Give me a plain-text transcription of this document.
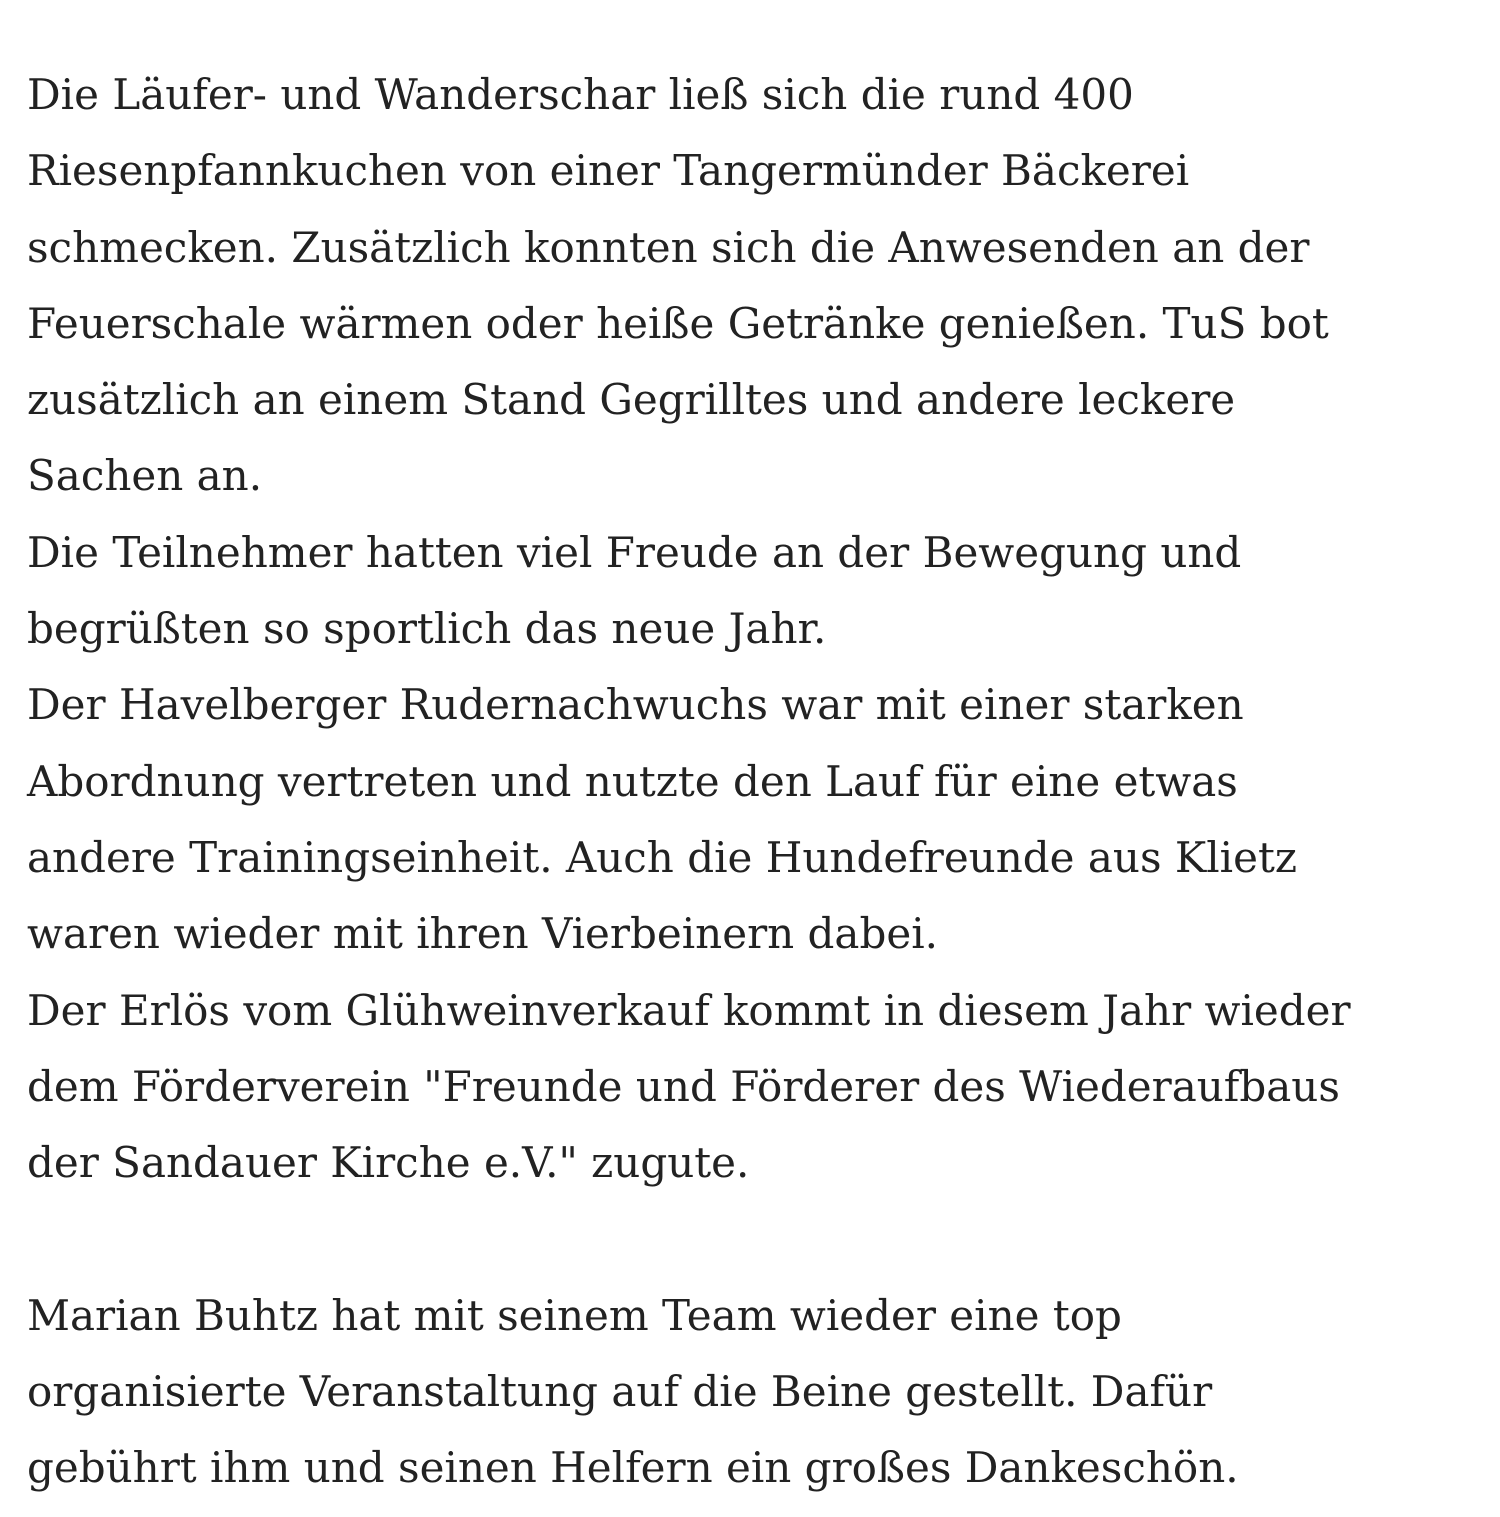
Die Läufer- und Wanderschar ließ sich die rund 400
Riesenpfannkuchen von einer Tangermünder Bäckerei
schmecken. Zusätzlich konnten sich die Anwesenden an der
Feuerschale wärmen oder heiße Getränke genießen. TuS bot
zusätzlich an einem Stand Gegrilltes und andere leckere
Sachen an.

Die Teilnehmer hatten viel Freude an der Bewegung und
begrüßten so sportlich das neue Jahr.

Der Havelberger Rudernachwuchs war mit einer starken
Abordnung vertreten und nutzte den Lauf für eine etwas
andere Trainingseinheit. Auch die Hundefreunde aus Klietz
waren wieder mit ihren Vierbeinern dabei.

Der Erlös vom Glühweinverkauf kommt in diesem Jahr wieder
dem Förderverein "Freunde und Förderer des Wiederaufbaus
der Sandauer Kirche e.V." zugute.

Marian Buhtz hat mit seinem Team wieder eine top
organisierte Veranstaltung auf die Beine gestellt. Dafür
gebührt ihm und seinen Helfern ein großes Dankeschön.
